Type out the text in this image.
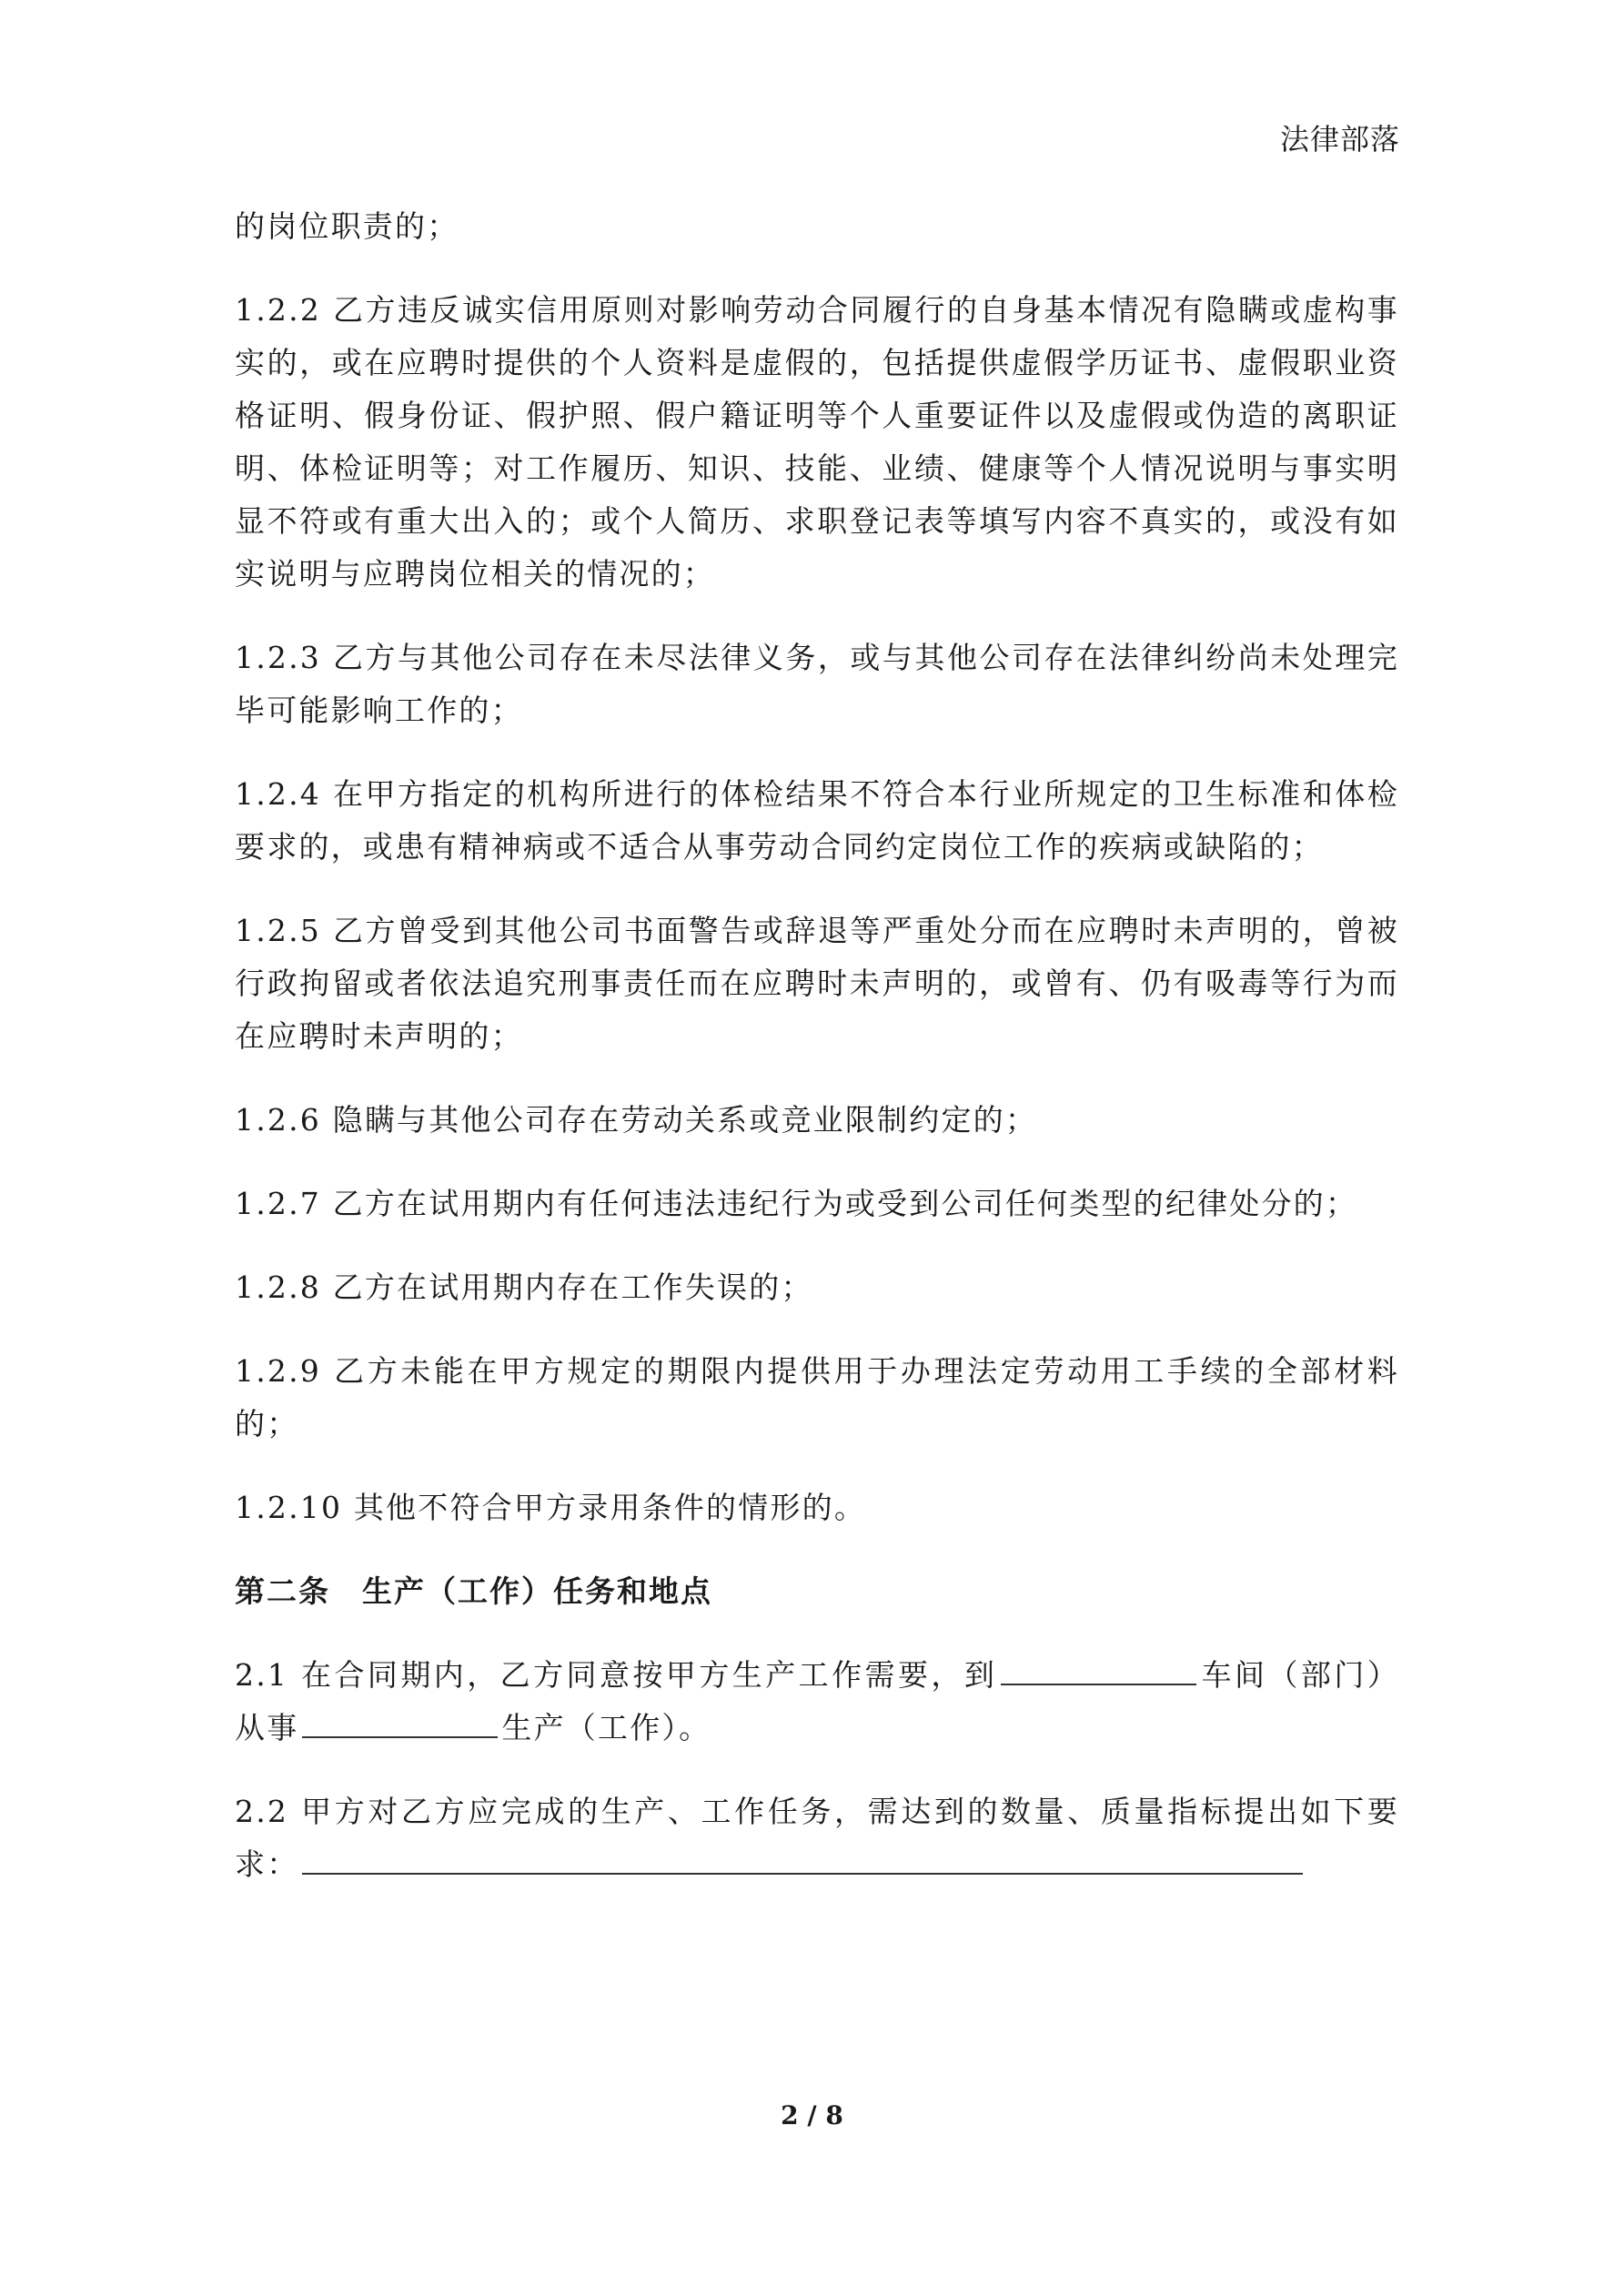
法律部落

的岗位职责的；

1.2.2 乙方违反诚实信用原则对影响劳动合同履行的自身基本情况有隐瞒或虚构事实的，或在应聘时提供的个人资料是虚假的，包括提供虚假学历证书、虚假职业资格证明、假身份证、假护照、假户籍证明等个人重要证件以及虚假或伪造的离职证明、体检证明等；对工作履历、知识、技能、业绩、健康等个人情况说明与事实明显不符或有重大出入的；或个人简历、求职登记表等填写内容不真实的，或没有如实说明与应聘岗位相关的情况的；

1.2.3 乙方与其他公司存在未尽法律义务，或与其他公司存在法律纠纷尚未处理完毕可能影响工作的；

1.2.4 在甲方指定的机构所进行的体检结果不符合本行业所规定的卫生标准和体检要求的，或患有精神病或不适合从事劳动合同约定岗位工作的疾病或缺陷的；

1.2.5 乙方曾受到其他公司书面警告或辞退等严重处分而在应聘时未声明的，曾被行政拘留或者依法追究刑事责任而在应聘时未声明的，或曾有、仍有吸毒等行为而在应聘时未声明的；

1.2.6 隐瞒与其他公司存在劳动关系或竞业限制约定的；

1.2.7 乙方在试用期内有任何违法违纪行为或受到公司任何类型的纪律处分的；

1.2.8 乙方在试用期内存在工作失误的；

1.2.9 乙方未能在甲方规定的期限内提供用于办理法定劳动用工手续的全部材料的；

1.2.10 其他不符合甲方录用条件的情形的。

第二条　生产（工作）任务和地点

2.1 在合同期内，乙方同意按甲方生产工作需要，到	车间（部门）从事	生产（工作）。

2.2 甲方对乙方应完成的生产、工作任务，需达到的数量、质量指标提出如下要求：

2 / 8
